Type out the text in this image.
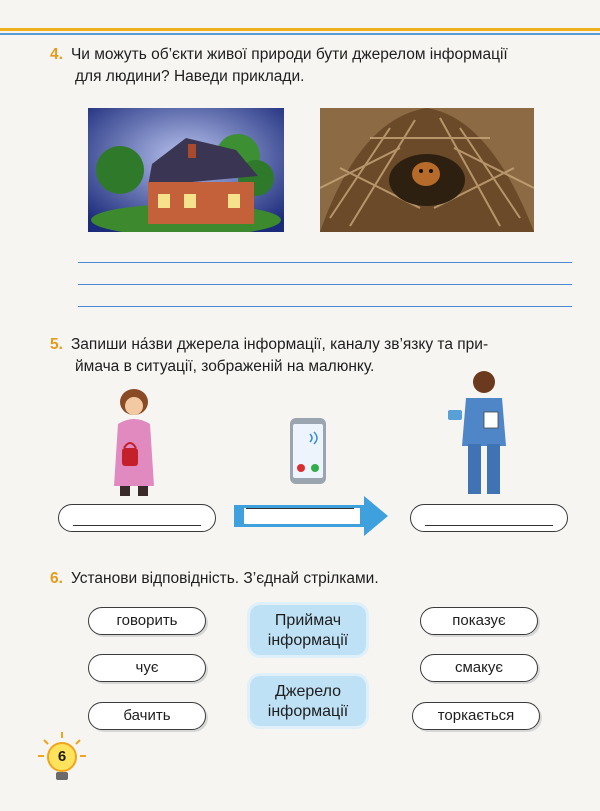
4. Чи можуть об’єкти живої природи бути джерелом інформації
для людини? Наведи приклади.
5. Запиши на́зви джерела інформації, каналу зв’язку та при-
ймача в ситуації, зображеній на малюнку.
6. Установи відповідність. З’єднай стрілками.
говорить
чує
бачить
показує
смакує
торкається
Приймач
інформації
Джерело
інформації
6
